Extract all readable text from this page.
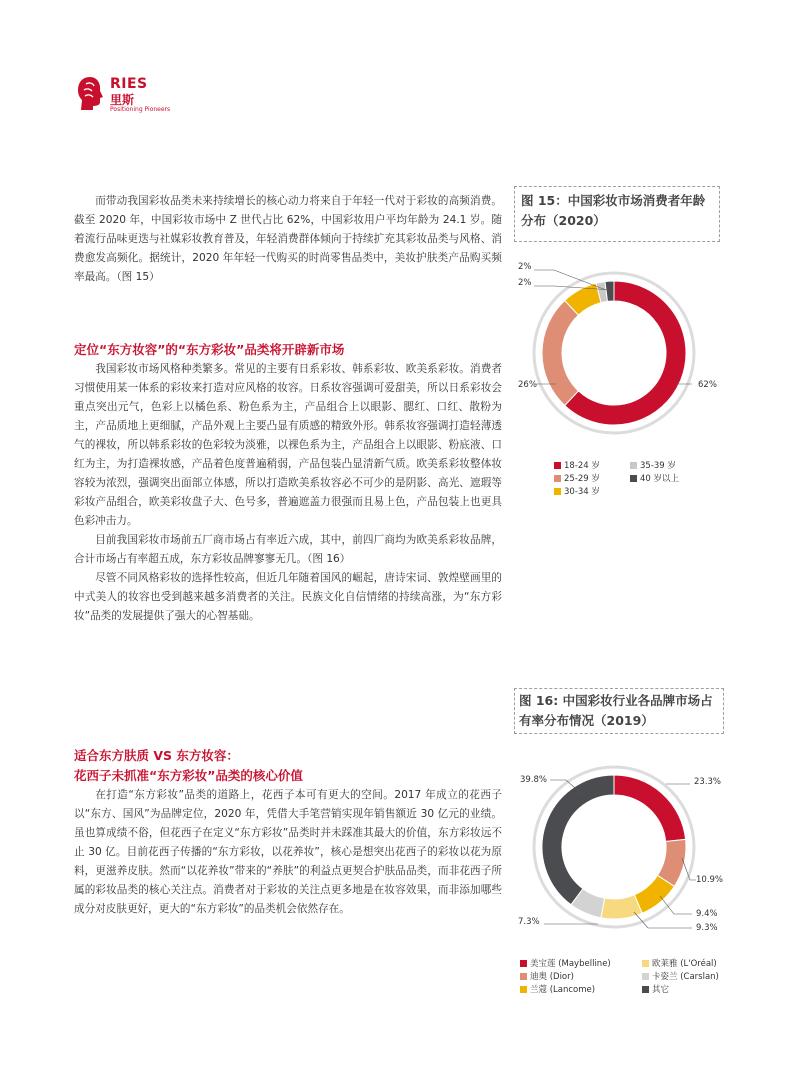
RIES
里斯
Positioning Pioneers

而带动我国彩妆品类未来持续增长的核心动力将来自于年轻一代对于彩妆的高频消费。截至 2020 年，中国彩妆市场中 Z 世代占比 62%，中国彩妆用户平均年龄为 24.1 岁。随着流行品味更迭与社媒彩妆教育普及，年轻消费群体倾向于持续扩充其彩妆品类与风格、消费愈发高频化。据统计，2020 年年轻一代购买的时尚零售品类中，美妆护肤类产品购买频率最高。（图 15）

定位“东方妆容”的“东方彩妆”品类将开辟新市场

我国彩妆市场风格种类繁多。常见的主要有日系彩妆、韩系彩妆、欧美系彩妆。消费者习惯使用某一体系的彩妆来打造对应风格的妆容。日系妆容强调可爱甜美，所以日系彩妆会重点突出元气，色彩上以橘色系、粉色系为主，产品组合上以眼影、腮红、口红、散粉为主，产品质地上更细腻，产品外观上主要凸显有质感的精致外形。韩系妆容强调打造轻薄透气的裸妆，所以韩系彩妆的色彩较为淡雅，以裸色系为主，产品组合上以眼影、粉底液、口红为主，为打造裸妆感，产品着色度普遍稍弱，产品包装凸显清新气质。欧美系彩妆整体妆容较为浓烈，强调突出面部立体感，所以打造欧美系妆容必不可少的是阴影、高光、遮瑕等彩妆产品组合，欧美彩妆盘子大、色号多，普遍遮盖力很强而且易上色，产品包装上也更具色彩冲击力。

目前我国彩妆市场前五厂商市场占有率近六成，其中，前四厂商均为欧美系彩妆品牌，合计市场占有率超五成，东方彩妆品牌寥寥无几。（图 16）

尽管不同风格彩妆的选择性较高，但近几年随着国风的崛起，唐诗宋词、敦煌壁画里的中式美人的妆容也受到越来越多消费者的关注。民族文化自信情绪的持续高涨，为“东方彩妆”品类的发展提供了强大的心智基础。

适合东方肤质 VS 东方妆容：
花西子未抓准“东方彩妆”品类的核心价值

在打造“东方彩妆”品类的道路上，花西子本可有更大的空间。2017 年成立的花西子以“东方、国风”为品牌定位，2020 年，凭借大手笔营销实现年销售额近 30 亿元的业绩。虽也算成绩不俗，但花西子在定义“东方彩妆”品类时并未踩准其最大的价值，东方彩妆远不止 30 亿。目前花西子传播的“东方彩妆，以花养妆”，核心是想突出花西子的彩妆以花为原料，更滋养皮肤。然而“以花养妆”带来的“养肤”的利益点更契合护肤品品类，而非花西子所属的彩妆品类的核心关注点。消费者对于彩妆的关注点更多地是在妆容效果，而非添加哪些成分对皮肤更好，更大的“东方彩妆”的品类机会依然存在。

图 15：中国彩妆市场消费者年龄
分布（2020）
2%
2%
26%	62%
18-24 岁
25-29 岁
30-34 岁
35-39 岁
40 岁以上
图 16: 中国彩妆行业各品牌市场占
有率分布情况（2019）
39.8%	23.3%
10.9%
9.4%
9.3%
7.3%
美宝莲 (Maybelline)
迪奥 (Dior)
兰蔻 (Lancome)
欧莱雅 (L'Oréal)
卡姿兰 (Carslan)
其它
